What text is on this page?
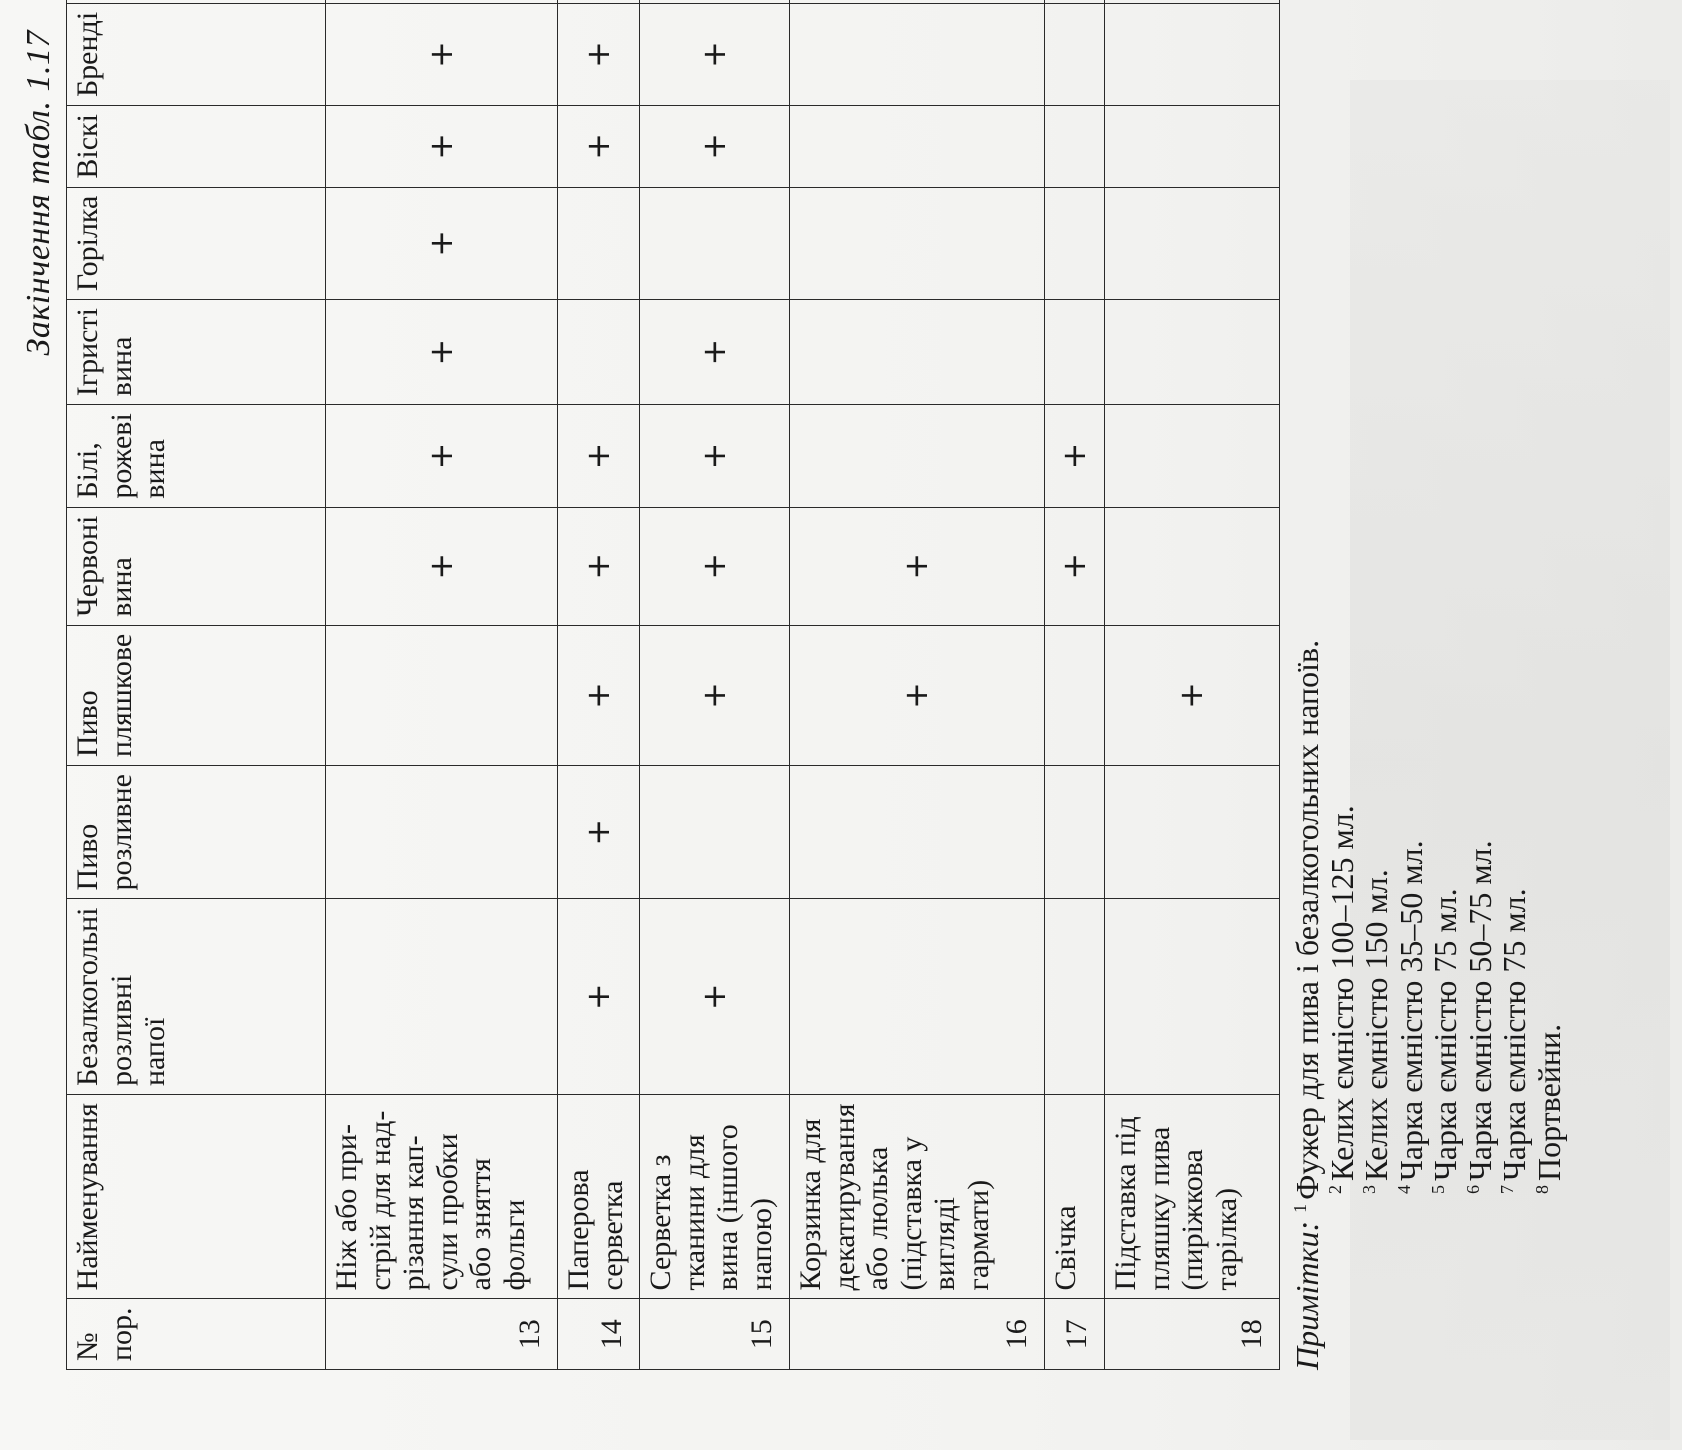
Закінчення табл. 1.17
№ пор.	Найменування	Безалкогольні розливні напої	Пиво розливне	Пиво пляшкове	Червоні вина	Білі, рожеві вина	Ігристі вина	Горілка	Віскі	Бренді				
13	Ніж або при-стрій для над-різання кап-сули пробки або зняття фольги				+	+	+	+	+	+				
14	Паперова серветка	+	+	+	+	+			+	+				
15	Серветка з тканини для вина (іншого напою)	+		+	+	+	+		+	+				
16	Корзинка для декатирування або люлька (підставка у вигляді гармати)			+	+									
17	Свічка				+	+								
18	Підставка під пляшку пива (пиріжкова тарілка)			+										
Примітки: $^1$Фужер для пива і безалкогольних напоїв. $^2$Келих ємністю 100–125 мл.
$^3$Келих ємністю 150 мл.
$^4$Чарка ємністю 35–50 мл.
$^5$Чарка ємністю 75 мл.
$^6$Чарка ємністю 50–75 мл.
$^7$Чарка ємністю 75 мл.
$^8$Портвейни.
